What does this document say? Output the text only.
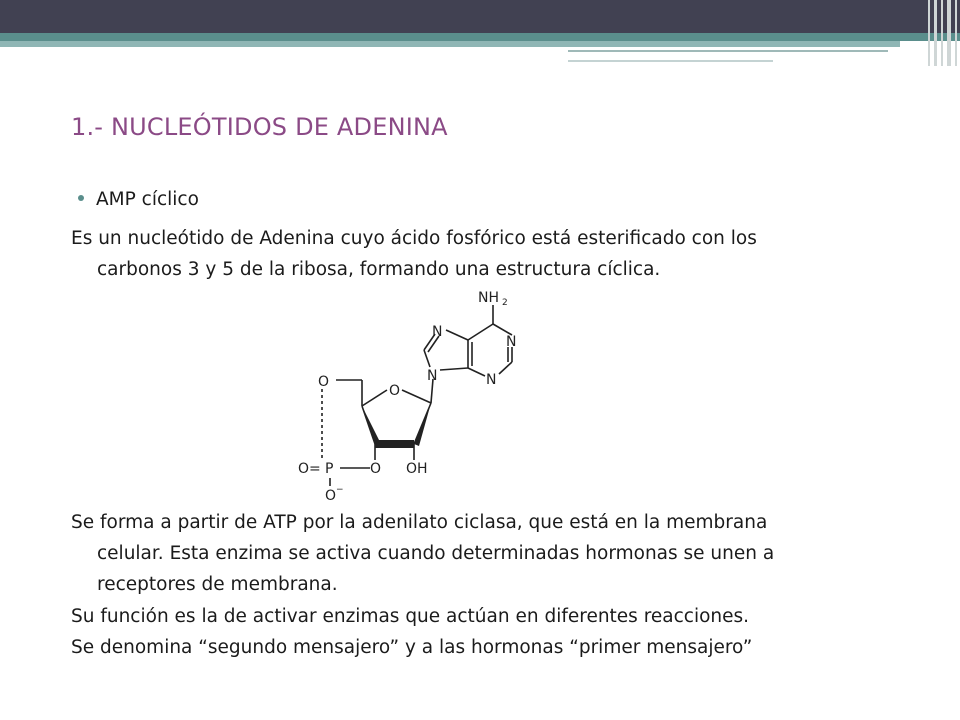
1.- NUCLEÓTIDOS DE ADENINA
AMP cíclico
Es un nucleótido de Adenina cuyo ácido fosfórico está esterificado con los
carbonos 3 y 5 de la ribosa, formando una estructura cíclica.
NH 2
N
N
N
N
O
O
O= P	O OH
O −
Se forma a partir de ATP por la adenilato ciclasa, que está en la membrana
celular. Esta enzima se activa cuando determinadas hormonas se unen a
receptores de membrana.
Su función es la de activar enzimas que actúan en diferentes reacciones.
Se denomina “segundo mensajero” y a las hormonas “primer mensajero”
